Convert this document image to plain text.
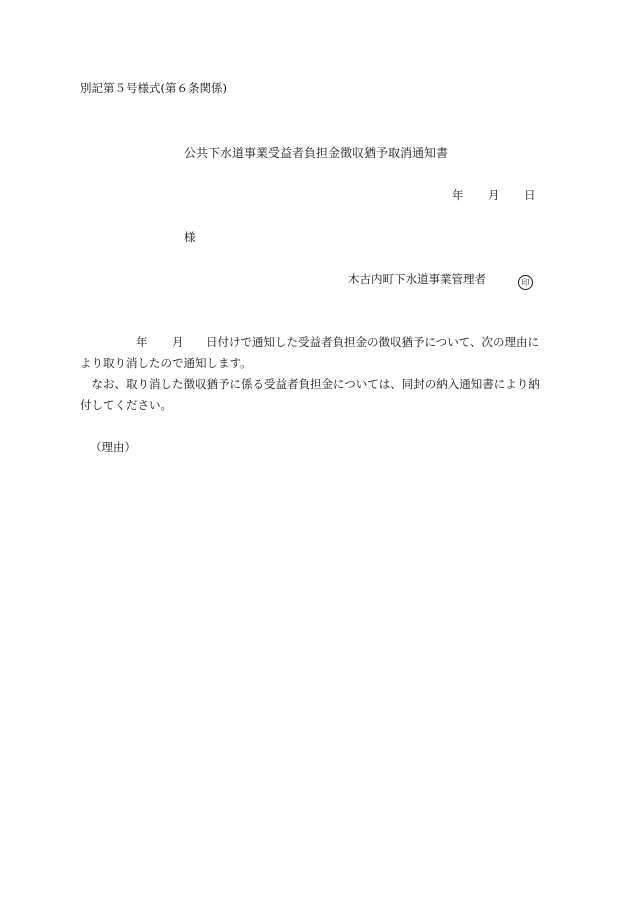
別記第５号様式(第６条関係)
公共下水道事業受益者負担金徴収猶予取消通知書
年 月 日
様
木古内町下水道事業管理者	印
年 月 日付けで通知した受益者負担金の徴収猶予について、次の理由に
より取り消したので通知します。
　なお、取り消した徴収猶予に係る受益者負担金については、同封の納入通知書により納
付してください。
（理由）
